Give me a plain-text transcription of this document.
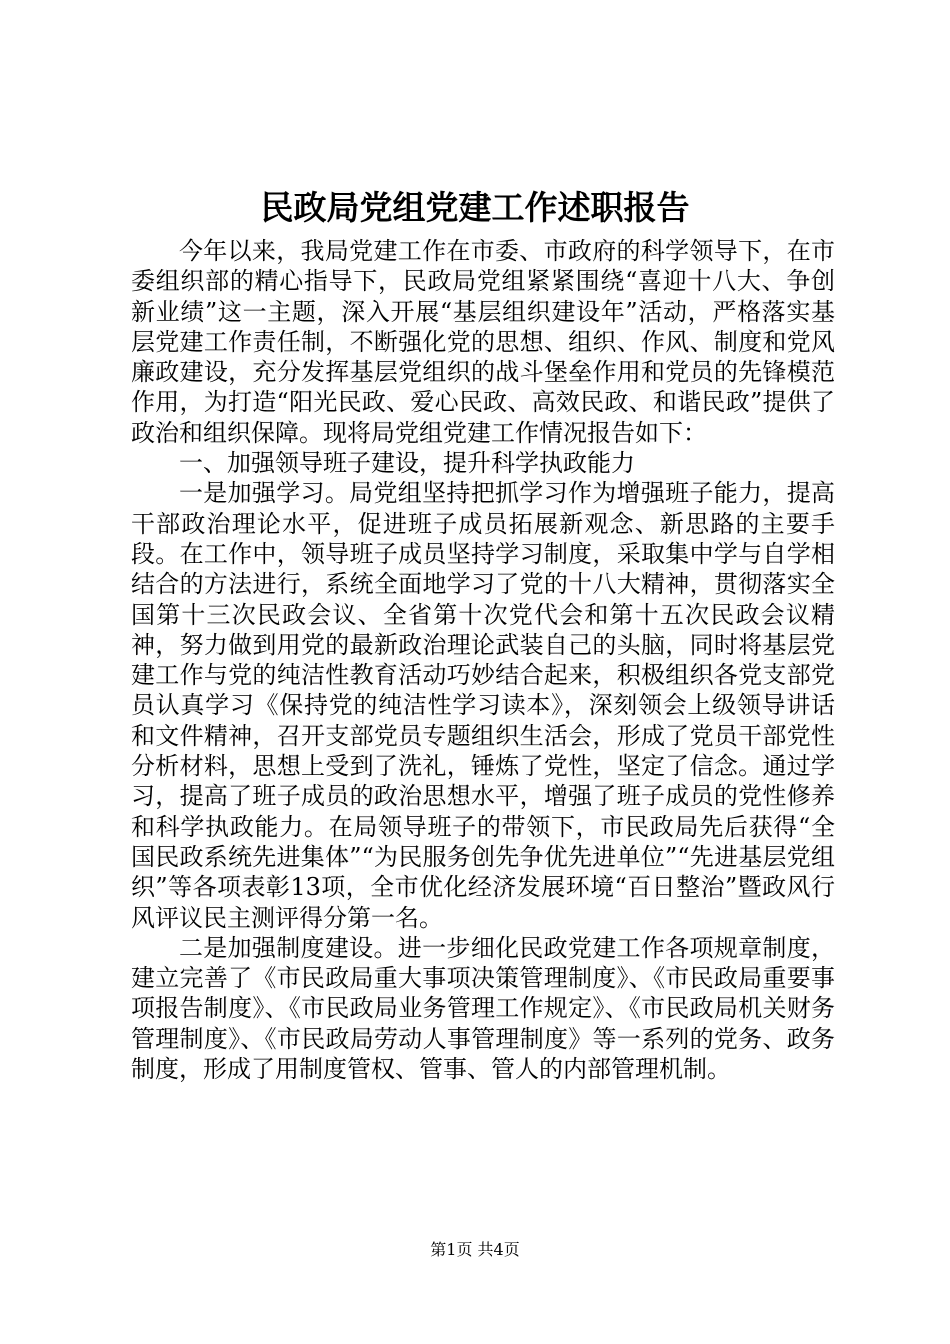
民政局党组党建工作述职报告

今年以来，我局党建工作在市委、市政府的科学领导下，在市委组织部的精心指导下，民政局党组紧紧围绕“喜迎十八大、争创新业绩”这一主题，深入开展“基层组织建设年”活动，严格落实基层党建工作责任制，不断强化党的思想、组织、作风、制度和党风廉政建设，充分发挥基层党组织的战斗堡垒作用和党员的先锋模范作用，为打造“阳光民政、爱心民政、高效民政、和谐民政”提供了政治和组织保障。现将局党组党建工作情况报告如下：

一、加强领导班子建设，提升科学执政能力

一是加强学习。局党组坚持把抓学习作为增强班子能力，提高干部政治理论水平，促进班子成员拓展新观念、新思路的主要手段。在工作中，领导班子成员坚持学习制度，采取集中学与自学相结合的方法进行，系统全面地学习了党的十八大精神，贯彻落实全国第十三次民政会议、全省第十次党代会和第十五次民政会议精神，努力做到用党的最新政治理论武装自己的头脑，同时将基层党建工作与党的纯洁性教育活动巧妙结合起来，积极组织各党支部党员认真学习《保持党的纯洁性学习读本》，深刻领会上级领导讲话和文件精神，召开支部党员专题组织生活会，形成了党员干部党性分析材料，思想上受到了洗礼，锤炼了党性，坚定了信念。通过学习，提高了班子成员的政治思想水平，增强了班子成员的党性修养和科学执政能力。在局领导班子的带领下，市民政局先后获得“全国民政系统先进集体”“为民服务创先争优先进单位”“先进基层党组织”等各项表彰13项，全市优化经济发展环境“百日整治”暨政风行风评议民主测评得分第一名。

二是加强制度建设。进一步细化民政党建工作各项规章制度，建立完善了《市民政局重大事项决策管理制度》、《市民政局重要事项报告制度》、《市民政局业务管理工作规定》、《市民政局机关财务管理制度》、《市民政局劳动人事管理制度》等一系列的党务、政务制度，形成了用制度管权、管事、管人的内部管理机制。

第1页 共4页
